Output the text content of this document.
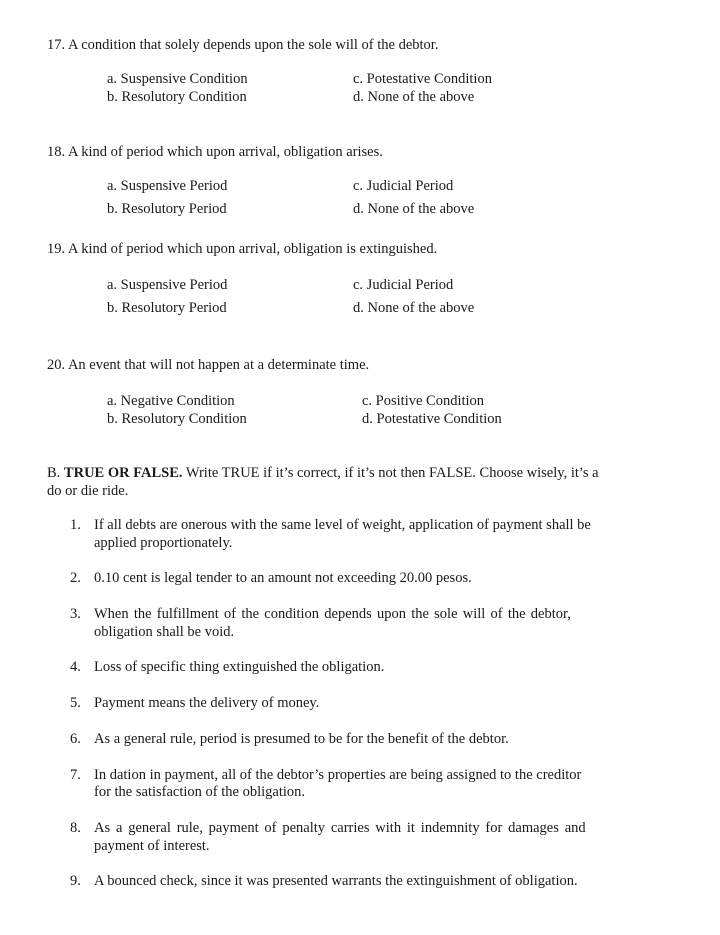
17. A condition that solely depends upon the sole will of the debtor.
a. Suspensive Condition
b. Resolutory Condition
c. Potestative Condition
d. None of the above
18. A kind of period which upon arrival, obligation arises.
a. Suspensive Period
b. Resolutory Period
c. Judicial Period
d. None of the above
19. A kind of period which upon arrival, obligation is extinguished.
a. Suspensive Period
b. Resolutory Period
c. Judicial Period
d. None of the above
20. An event that will not happen at a determinate time.
a. Negative Condition
b. Resolutory Condition
c. Positive Condition
d. Potestative Condition
B. TRUE OR FALSE. Write TRUE if it’s correct, if it’s not then FALSE. Choose wisely, it’s a
do or die ride.
1. If all debts are onerous with the same level of weight, application of payment shall be
applied proportionately.
2. 0.10 cent is legal tender to an amount not exceeding 20.00 pesos.
3. When the fulfillment of the condition depends upon the sole will of the debtor,
obligation shall be void.
4. Loss of specific thing extinguished the obligation.
5. Payment means the delivery of money.
6. As a general rule, period is presumed to be for the benefit of the debtor.
7. In dation in payment, all of the debtor’s properties are being assigned to the creditor
for the satisfaction of the obligation.
8. As a general rule, payment of penalty carries with it indemnity for damages and
payment of interest.
9. A bounced check, since it was presented warrants the extinguishment of obligation.
